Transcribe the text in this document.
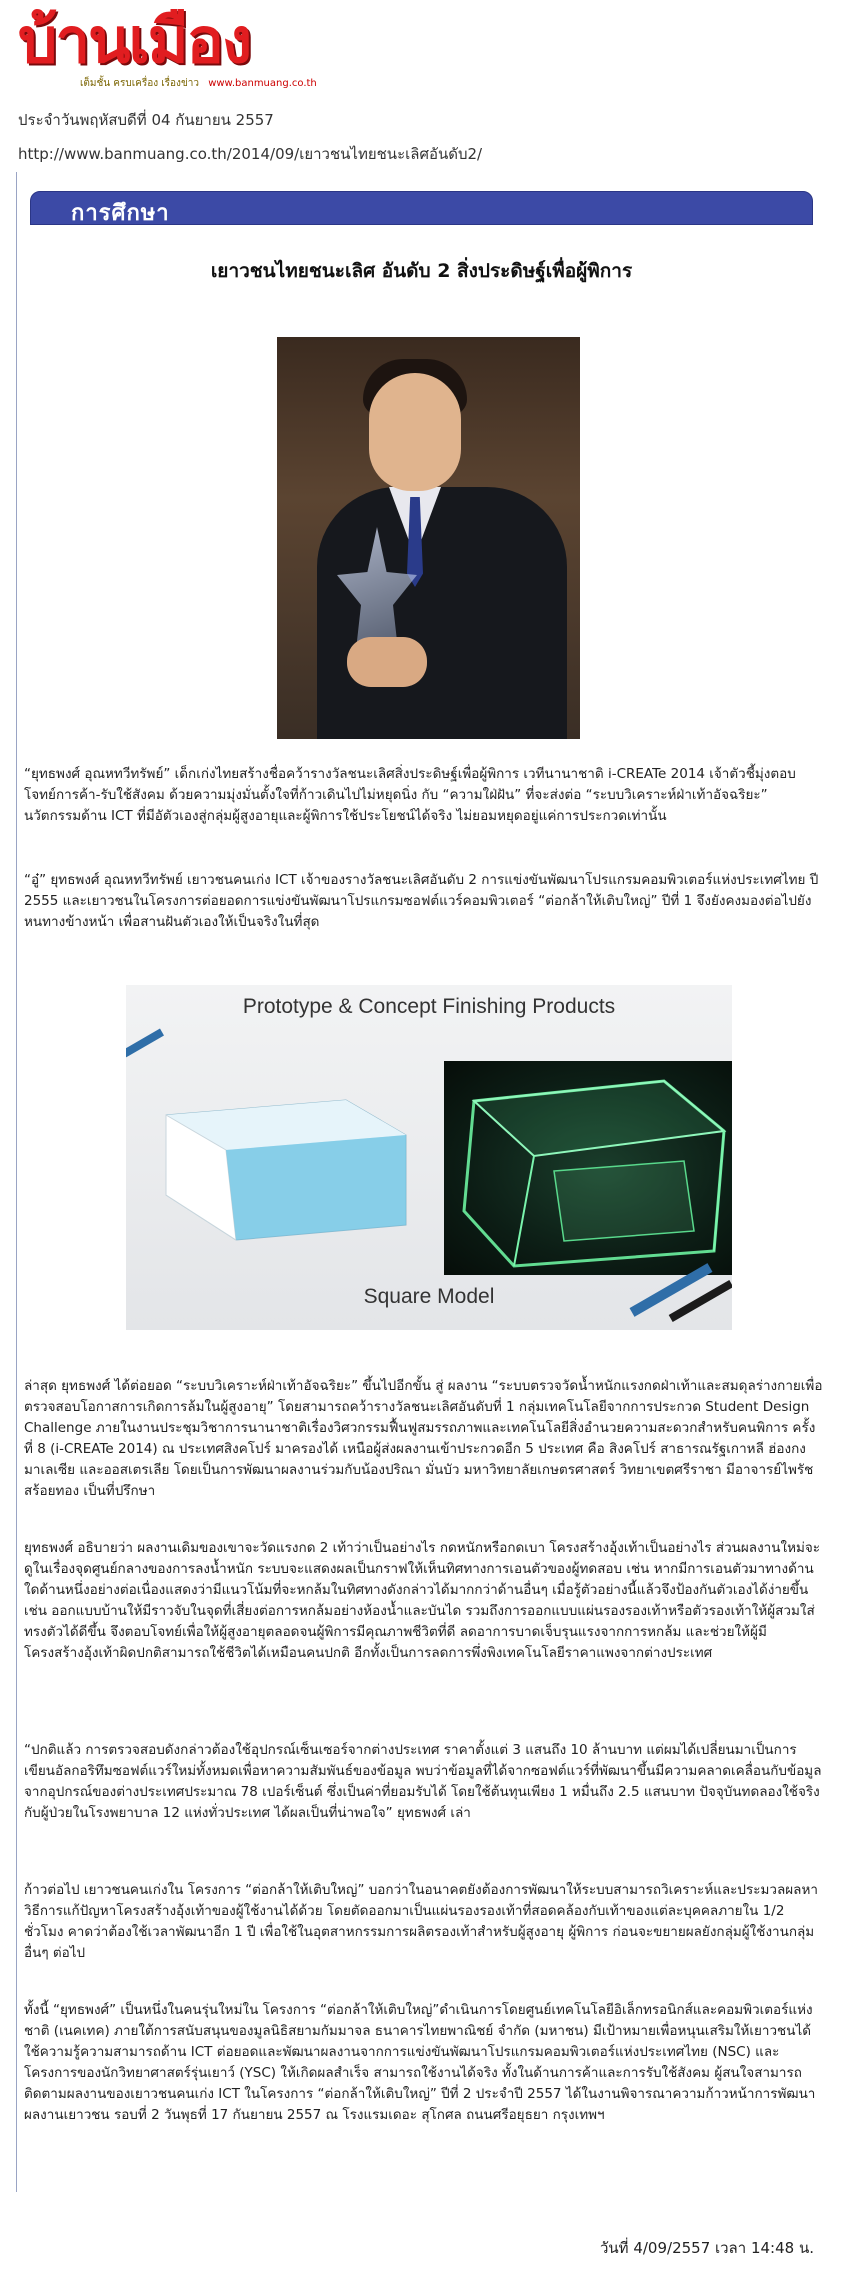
บ้านเมือง
เต็มชั้น ครบเครื่อง เรื่องข่าว www.banmuang.co.th
ประจำวันพฤหัสบดีที่ 04 กันยายน 2557
http://www.banmuang.co.th/2014/09/เยาวชนไทยชนะเลิศอันดับ2/
การศึกษา
เยาวชนไทยชนะเลิศ อันดับ 2 สิ่งประดิษฐ์เพื่อผู้พิการ

“ยุทธพงศ์ อุณหทวีทรัพย์” เด็กเก่งไทยสร้างชื่อคว้ารางวัลชนะเลิศสิ่งประดิษฐ์เพื่อผู้พิการ เวทีนานาชาติ i-CREATe 2014 เจ้าตัวชี้มุ่งตอบโจทย์การค้า-รับใช้สังคม ด้วยความมุ่งมั่นตั้งใจที่ก้าวเดินไปไม่หยุดนิ่ง กับ “ความใฝ่ฝัน” ที่จะส่งต่อ “ระบบวิเคราะห์ฝ่าเท้าอัจฉริยะ” นวัตกรรมด้าน ICT ที่มีอัตัวเองสู่กลุ่มผู้สูงอายุและผู้พิการใช้ประโยชน์ได้จริง ไม่ยอมหยุดอยู่แค่การประกวดเท่านั้น

“อู๋” ยุทธพงศ์ อุณหทวีทรัพย์ เยาวชนคนเก่ง ICT เจ้าของรางวัลชนะเลิศอันดับ 2 การแข่งขันพัฒนาโปรแกรมคอมพิวเตอร์แห่งประเทศไทย ปี 2555 และเยาวชนในโครงการต่อยอดการแข่งขันพัฒนาโปรแกรมซอฟต์แวร์คอมพิวเตอร์ “ต่อกล้าให้เติบใหญ่” ปีที่ 1 จึงยังคงมองต่อไปยังหนทางข้างหน้า เพื่อสานฝันตัวเองให้เป็นจริงในที่สุด

Prototype & Concept Finishing Products
Square Model

ล่าสุด ยุทธพงศ์ ได้ต่อยอด “ระบบวิเคราะห์ฝ่าเท้าอัจฉริยะ” ขึ้นไปอีกขั้น สู่ ผลงาน “ระบบตรวจวัดน้ำหนักแรงกดฝ่าเท้าและสมดุลร่างกายเพื่อตรวจสอบโอกาสการเกิดการล้มในผู้สูงอายุ” โดยสามารถคว้ารางวัลชนะเลิศอันดับที่ 1 กลุ่มเทคโนโลยีจากการประกวด Student Design Challenge ภายในงานประชุมวิชาการนานาชาติเรื่องวิศวกรรมฟื้นฟูสมรรถภาพและเทคโนโลยีสิ่งอำนวยความสะดวกสำหรับคนพิการ ครั้งที่ 8 (i-CREATe 2014) ณ ประเทศสิงคโปร์ มาครองได้ เหนือผู้ส่งผลงานเข้าประกวดอีก 5 ประเทศ คือ สิงคโปร์ สาธารณรัฐเกาหลี ฮ่องกง มาเลเซีย และออสเตรเลีย โดยเป็นการพัฒนาผลงานร่วมกับน้องปริณา มั่นบัว มหาวิทยาลัยเกษตรศาสตร์ วิทยาเขตศรีราชา มีอาจารย์ไพรัช สร้อยทอง เป็นที่ปรึกษา

ยุทธพงศ์ อธิบายว่า ผลงานเดิมของเขาจะวัดแรงกด 2 เท้าว่าเป็นอย่างไร กดหนักหรือกดเบา โครงสร้างอุ้งเท้าเป็นอย่างไร ส่วนผลงานใหม่จะดูในเรื่องจุดศูนย์กลางของการลงน้ำหนัก ระบบจะแสดงผลเป็นกราฟให้เห็นทิศทางการเอนตัวของผู้ทดสอบ เช่น หากมีการเอนตัวมาทางด้านใดด้านหนึ่งอย่างต่อเนื่องแสดงว่ามีแนวโน้มที่จะหกล้มในทิศทางดังกล่าวได้มากกว่าด้านอื่นๆ เมื่อรู้ตัวอย่างนี้แล้วจึงป้องกันตัวเองได้ง่ายขึ้น เช่น ออกแบบบ้านให้มีราวจับในจุดที่เสี่ยงต่อการหกล้มอย่างห้องน้ำและบันได รวมถึงการออกแบบแผ่นรองรองเท้าหรือตัวรองเท้าให้ผู้สวมใส่ทรงตัวได้ดีขึ้น จึงตอบโจทย์เพื่อให้ผู้สูงอายุตลอดจนผู้พิการมีคุณภาพชีวิตที่ดี ลดอาการบาดเจ็บรุนแรงจากการหกล้ม และช่วยให้ผู้มีโครงสร้างอุ้งเท้าผิดปกติสามารถใช้ชีวิตได้เหมือนคนปกติ อีกทั้งเป็นการลดการพึ่งพิงเทคโนโลยีราคาแพงจากต่างประเทศ

“ปกติแล้ว การตรวจสอบดังกล่าวต้องใช้อุปกรณ์เซ็นเซอร์จากต่างประเทศ ราคาตั้งแต่ 3 แสนถึง 10 ล้านบาท แต่ผมได้เปลี่ยนมาเป็นการเขียนอัลกอริทึมซอฟต์แวร์ใหม่ทั้งหมดเพื่อหาความสัมพันธ์ของข้อมูล พบว่าข้อมูลที่ได้จากซอฟต์แวร์ที่พัฒนาขึ้นมีความคลาดเคลื่อนกับข้อมูลจากอุปกรณ์ของต่างประเทศประมาณ 78 เปอร์เซ็นต์ ซึ่งเป็นค่าที่ยอมรับได้ โดยใช้ต้นทุนเพียง 1 หมื่นถึง 2.5 แสนบาท ปัจจุบันทดลองใช้จริงกับผู้ป่วยในโรงพยาบาล 12 แห่งทั่วประเทศ ได้ผลเป็นที่น่าพอใจ” ยุทธพงศ์ เล่า

ก้าวต่อไป เยาวชนคนเก่งใน โครงการ “ต่อกล้าให้เติบใหญ่” บอกว่าในอนาคตยังต้องการพัฒนาให้ระบบสามารถวิเคราะห์และประมวลผลหาวิธีการแก้ปัญหาโครงสร้างอุ้งเท้าของผู้ใช้งานได้ด้วย โดยตัดออกมาเป็นแผ่นรองรองเท้าที่สอดคล้องกับเท้าของแต่ละบุคคลภายใน 1/2 ชั่วโมง คาดว่าต้องใช้เวลาพัฒนาอีก 1 ปี เพื่อใช้ในอุตสาหกรรมการผลิตรองเท้าสำหรับผู้สูงอายุ ผู้พิการ ก่อนจะขยายผลยังกลุ่มผู้ใช้งานกลุ่มอื่นๆ ต่อไป

ทั้งนี้ “ยุทธพงศ์” เป็นหนึ่งในคนรุ่นใหม่ใน โครงการ “ต่อกล้าให้เติบใหญ่”ดำเนินการโดยศูนย์เทคโนโลยีอิเล็กทรอนิกส์และคอมพิวเตอร์แห่งชาติ (เนคเทค) ภายใต้การสนับสนุนของมูลนิธิสยามกัมมาจล ธนาคารไทยพาณิชย์ จำกัด (มหาชน) มีเป้าหมายเพื่อหนุนเสริมให้เยาวชนได้ใช้ความรู้ความสามารถด้าน ICT ต่อยอดและพัฒนาผลงานจากการแข่งขันพัฒนาโปรแกรมคอมพิวเตอร์แห่งประเทศไทย (NSC) และโครงการของนักวิทยาศาสตร์รุ่นเยาว์ (YSC) ให้เกิดผลสำเร็จ สามารถใช้งานได้จริง ทั้งในด้านการค้าและการรับใช้สังคม ผู้สนใจสามารถติดตามผลงานของเยาวชนคนเก่ง ICT ในโครงการ “ต่อกล้าให้เติบใหญ่” ปีที่ 2 ประจำปี 2557 ได้ในงานพิจารณาความก้าวหน้าการพัฒนาผลงานเยาวชน รอบที่ 2 วันพุธที่ 17 กันยายน 2557 ณ โรงแรมเดอะ สุโกศล ถนนศรีอยุธยา กรุงเทพฯ

วันที่ 4/09/2557 เวลา 14:48 น.
